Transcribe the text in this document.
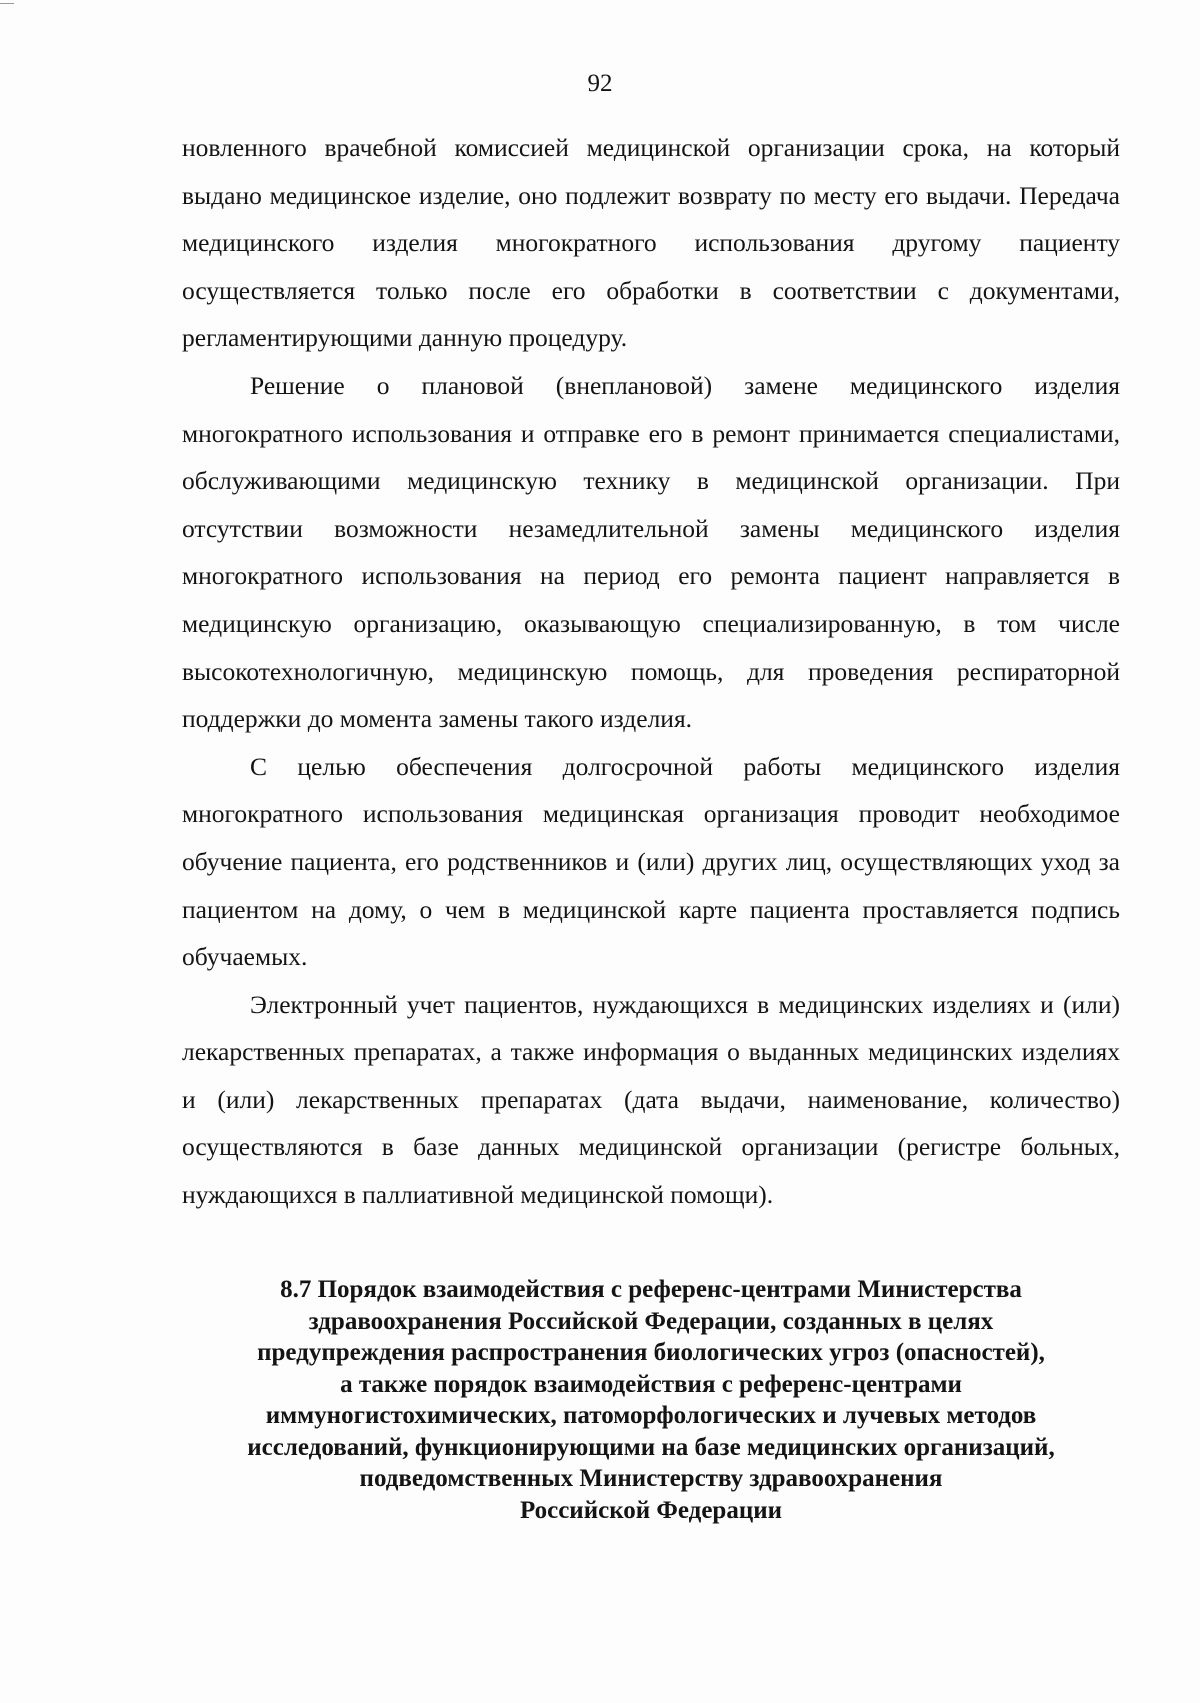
92

новленного врачебной комиссией медицинской организации срока, на который выдано медицинское изделие, оно подлежит возврату по месту его выдачи. Передача медицинского изделия многократного использования другому пациенту осуществляется только после его обработки в соответствии с документами, регламентирующими данную процедуру.

Решение о плановой (внеплановой) замене медицинского изделия многократного использования и отправке его в ремонт принимается специалистами, обслуживающими медицинскую технику в медицинской организации. При отсутствии возможности незамедлительной замены медицинского изделия многократного использования на период его ремонта пациент направляется в медицинскую организацию, оказывающую специализированную, в том числе высокотехнологичную, медицинскую помощь, для проведения респираторной поддержки до момента замены такого изделия.

С целью обеспечения долгосрочной работы медицинского изделия многократного использования медицинская организация проводит необходимое обучение пациента, его родственников и (или) других лиц, осуществляющих уход за пациентом на дому, о чем в медицинской карте пациента проставляется подпись обучаемых.

Электронный учет пациентов, нуждающихся в медицинских изделиях и (или) лекарственных препаратах, а также информация о выданных медицинских изделиях и (или) лекарственных препаратах (дата выдачи, наименование, количество) осуществляются в базе данных медицинской организации (регистре больных, нуждающихся в паллиативной медицинской помощи).

8.7 Порядок взаимодействия с референс-центрами Министерства
здравоохранения Российской Федерации, созданных в целях
предупреждения распространения биологических угроз (опасностей),
а также порядок взаимодействия с референс-центрами
иммуногистохимических, патоморфологических и лучевых методов
исследований, функционирующими на базе медицинских организаций,
подведомственных Министерству здравоохранения
Российской Федерации
